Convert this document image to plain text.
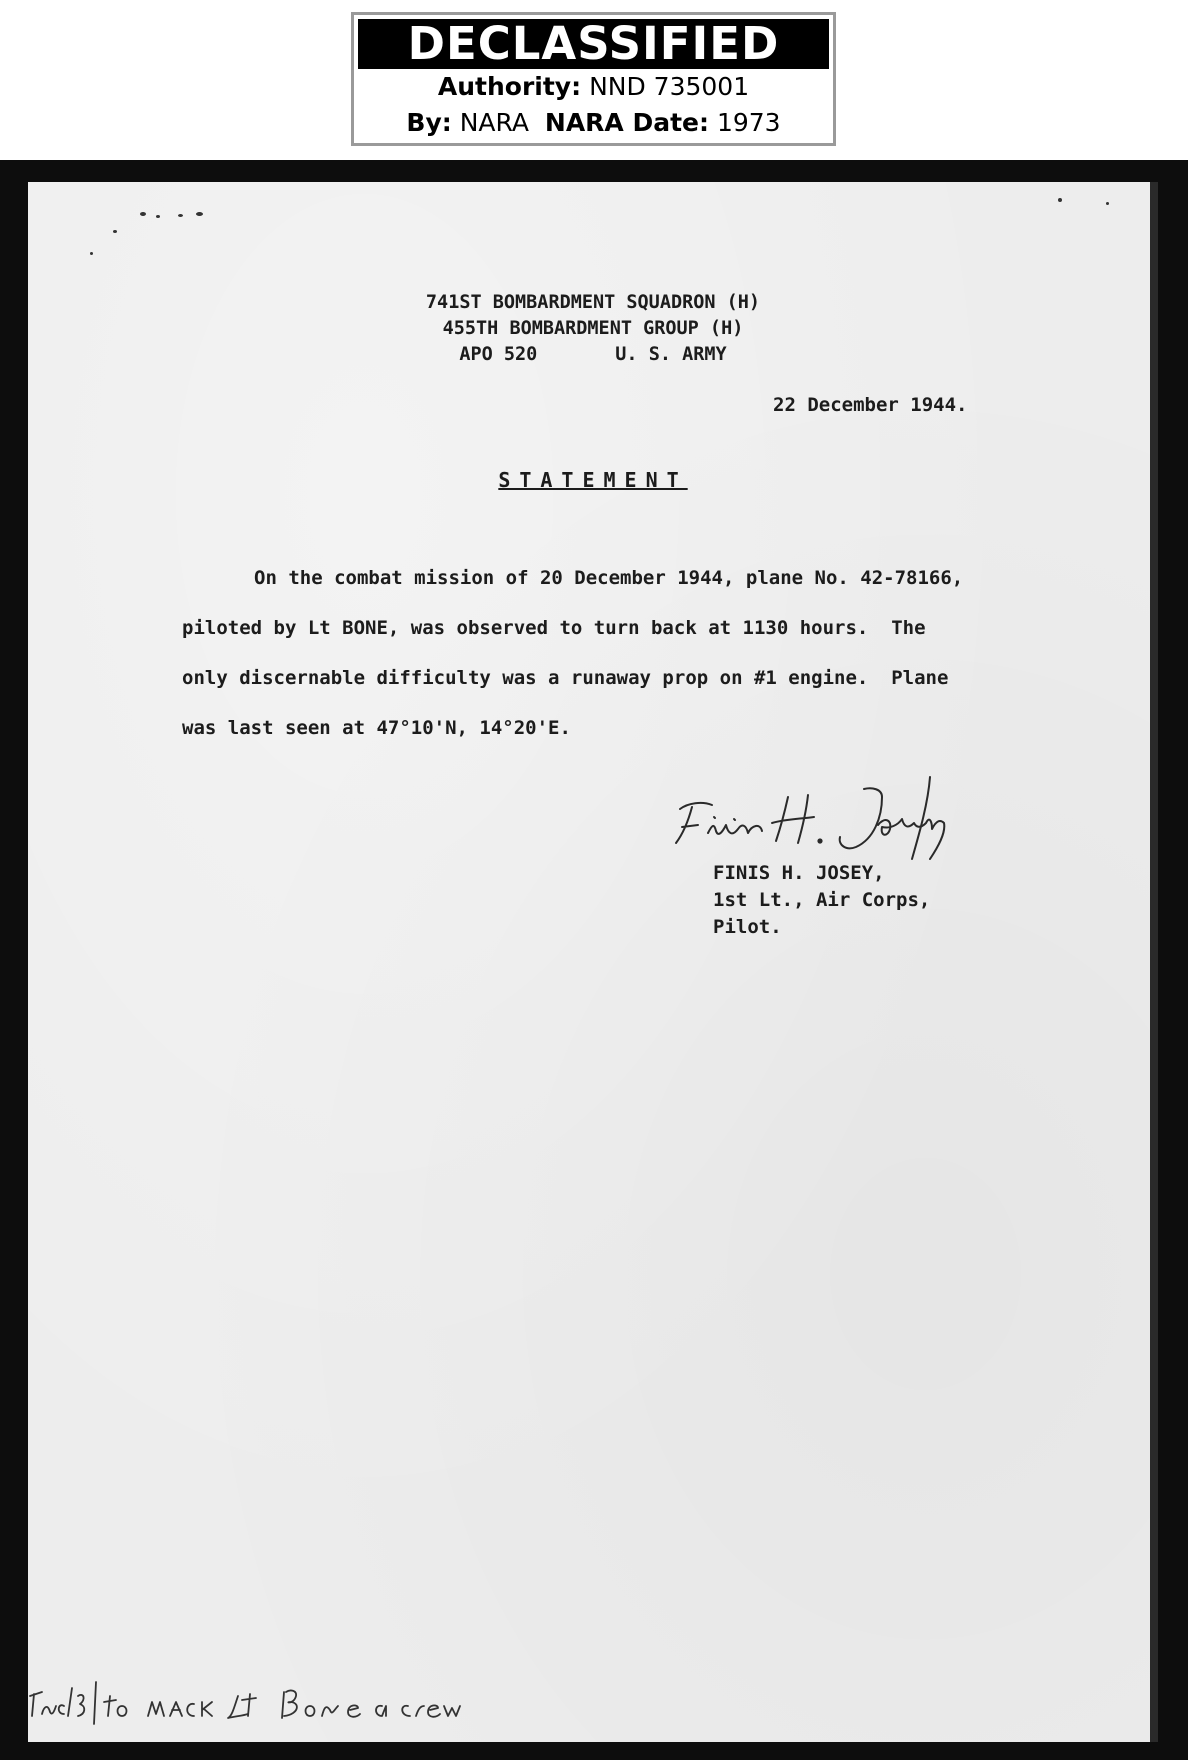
DECLASSIFIED
Authority: NND 735001
By: NARA NARA Date: 1973
741ST BOMBARDMENT SQUADRON (H)
455TH BOMBARDMENT GROUP (H)
APO 520       U. S. ARMY
22 December 1944.
STATEMENT
On the combat mission of 20 December 1944, plane No. 42-78166,
piloted by Lt BONE, was observed to turn back at 1130 hours.  The
only discernable difficulty was a runaway prop on #1 engine.  Plane
was last seen at 47°10'N, 14°20'E.
FINIS H. JOSEY,
1st Lt., Air Corps,
Pilot.
